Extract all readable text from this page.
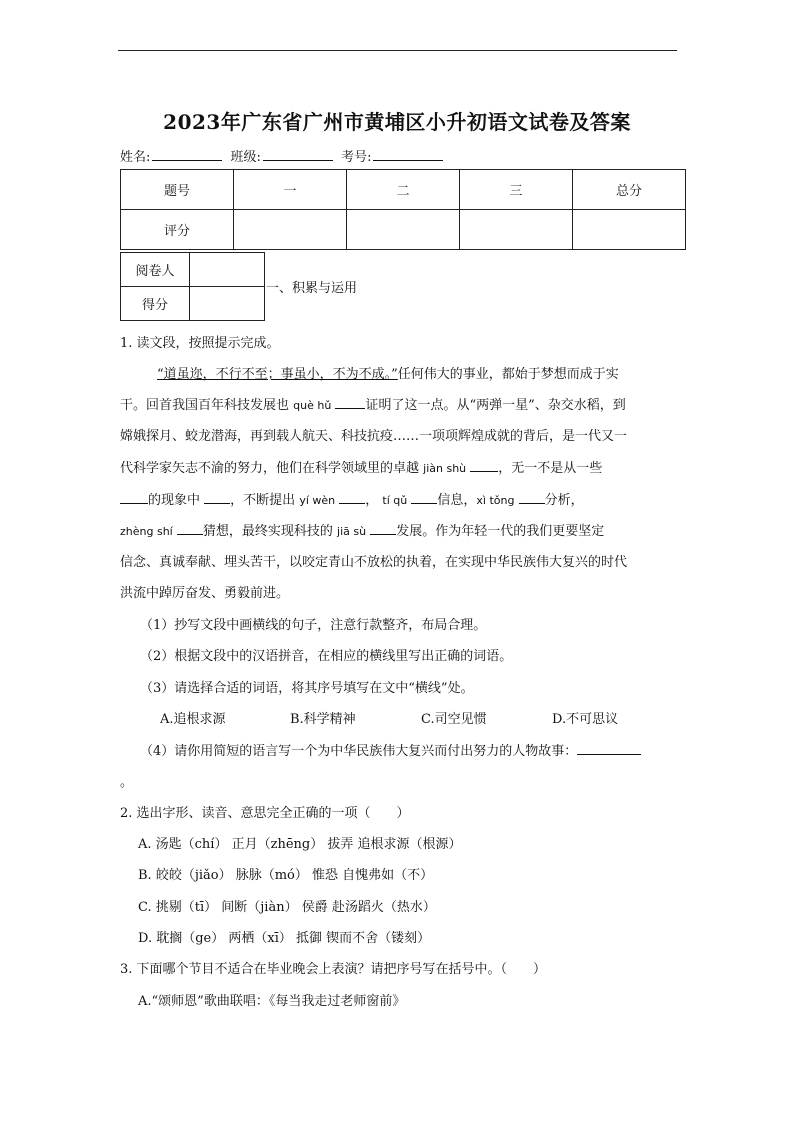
2023年广东省广州市黄埔区小升初语文试卷及答案
姓名:	班级:	考号:
题号	一	二	三	总分
评分				
阅卷人	
得分	
一、积累与运用
1. 读文段，按照提示完成。
“道虽迩，不行不至；事虽小，不为不成。”任何伟大的事业，都始于梦想而成于实
干。回首我国百年科技发展也 què hǔ	证明了这一点。从“两弹一星”、杂交水稻，到
嫦娥探月、蛟龙潜海，再到载人航天、科技抗疫……一项项辉煌成就的背后，是一代又一
代科学家矢志不渝的努力，他们在科学领域里的卓越 jiàn shù ，无一不是从一些
的现象中 ，不断提出 yí wèn ， tí qǔ 信息，xì tǒng 分析，
zhèng shí 猜想，最终实现科技的 jiā sù 发展。作为年轻一代的我们更要坚定
信念、真诚奉献、埋头苦干，以咬定青山不放松的执着，在实现中华民族伟大复兴的时代
洪流中踔厉奋发、勇毅前进。
（1）抄写文段中画横线的句子，注意行款整齐，布局合理。
（2）根据文段中的汉语拼音，在相应的横线里写出正确的词语。
（3）请选择合适的词语，将其序号填写在文中“横线”处。
A.追根求源	B.科学精神	C.司空见惯	D.不可思议
（4）请你用简短的语言写一个为中华民族伟大复兴而付出努力的人物故事：
。
2. 选出字形、读音、意思完全正确的一项（　　）
A. 汤匙（chí） 正月（zhēng） 拔弄 追根求源（根源）
B. 皎皎（jiǎo） 脉脉（mó） 惟恐 自愧弗如（不）
C. 挑剔（tī） 间断（jiàn） 侯爵 赴汤蹈火（热水）
D. 耽搁（ge） 两栖（xī） 抵御 锲而不舍（镂刻）
3. 下面哪个节目不适合在毕业晚会上表演？请把序号写在括号中。（　　）
A.“颂师恩”歌曲联唱：《每当我走过老师窗前》
